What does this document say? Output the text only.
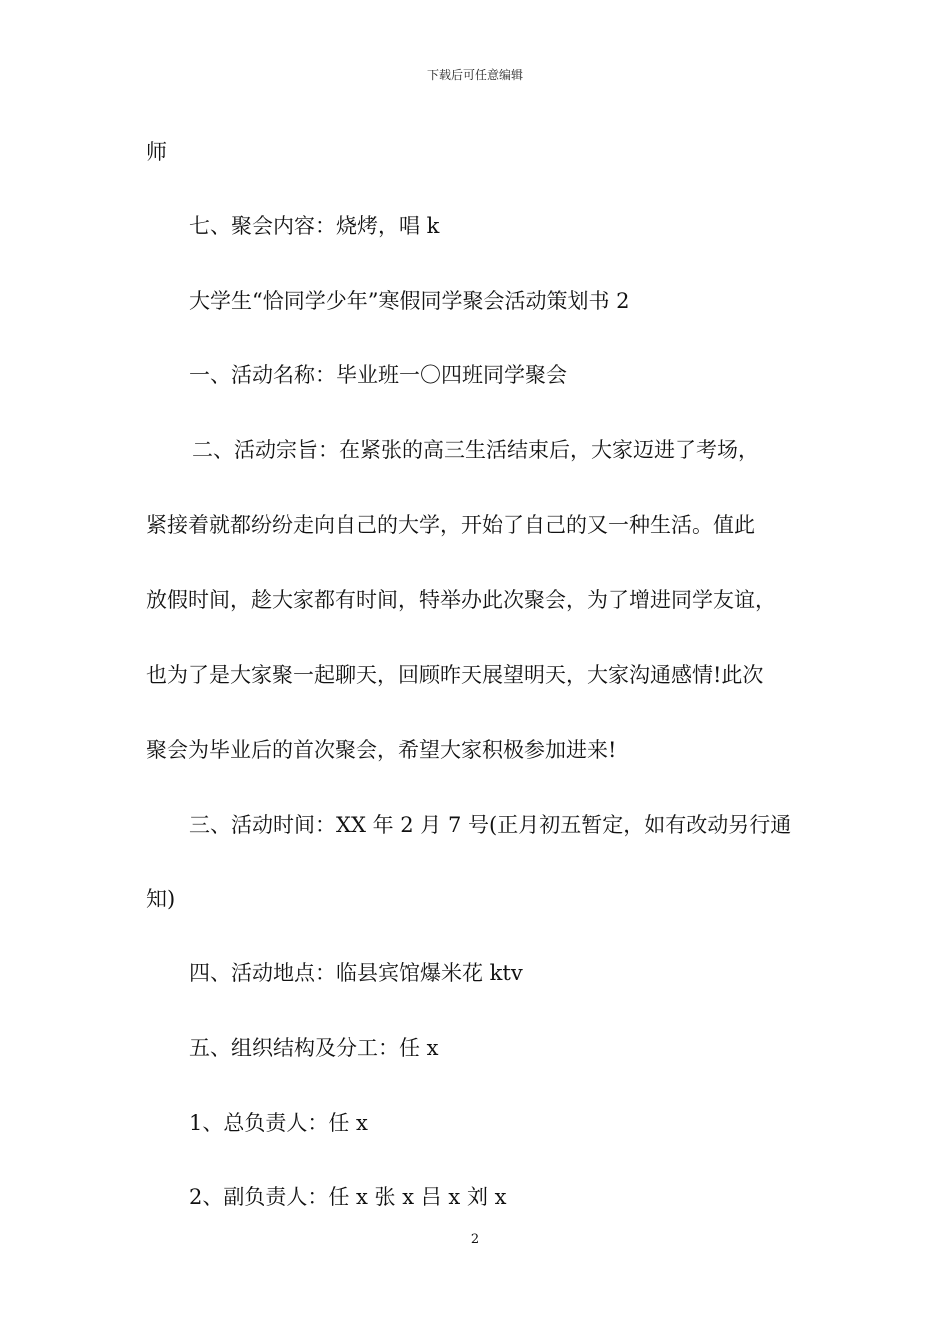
下载后可任意编辑
师
七、聚会内容：烧烤，唱 k
大学生“恰同学少年”寒假同学聚会活动策划书 2
一、活动名称：毕业班一〇四班同学聚会
二、活动宗旨：在紧张的高三生活结束后，大家迈进了考场，
紧接着就都纷纷走向自己的大学，开始了自己的又一种生活。值此
放假时间，趁大家都有时间，特举办此次聚会，为了增进同学友谊，
也为了是大家聚一起聊天，回顾昨天展望明天，大家沟通感情!此次
聚会为毕业后的首次聚会，希望大家积极参加进来!
三、活动时间：XX 年 2 月 7 号(正月初五暂定，如有改动另行通
知)
四、活动地点：临县宾馆爆米花 ktv
五、组织结构及分工：任 x
1、总负责人：任 x
2、副负责人：任 x 张 x 吕 x 刘 x
2
